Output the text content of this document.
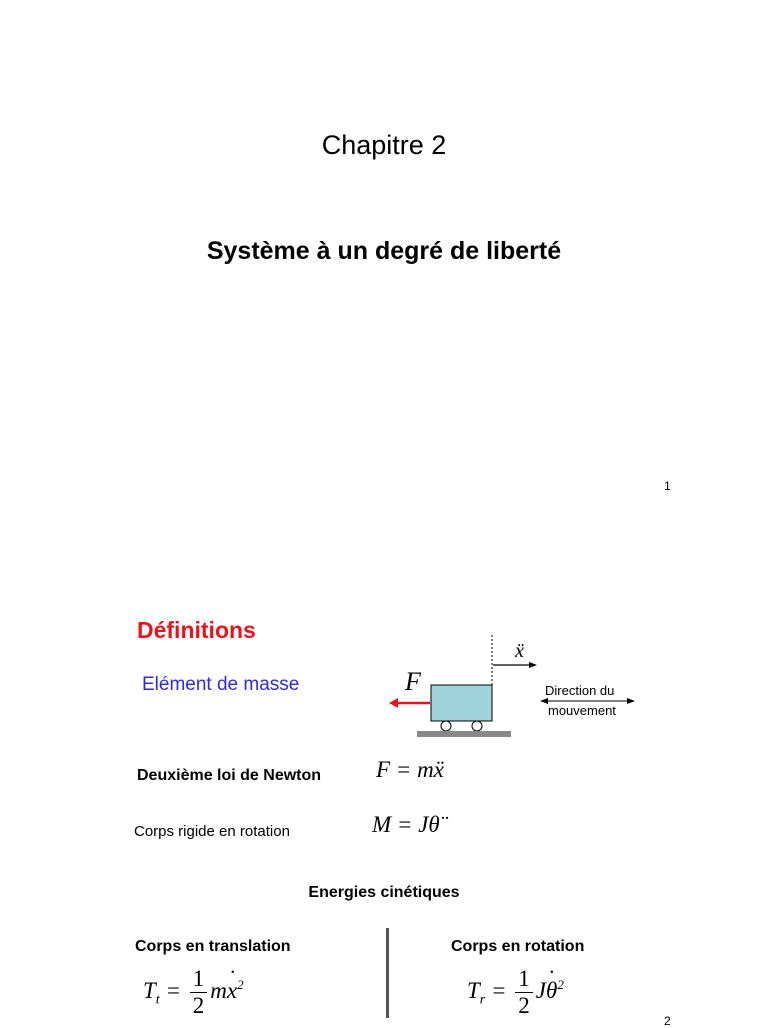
Chapitre 2
Système à un degré de liberté
1
Définitions
Elément de masse	F
ẍ
Direction du
mouvement
Deuxième loi de Newton F = mẍ
Corps rigide en rotation	M = Jθ̈
Energies cinétiques
Corps en translation	Corps en rotation
$T_t = \frac{1}{2}$ m˙ $x^2$	$T_r = \frac{1}{2}$ J˙ $\theta^2$
2
